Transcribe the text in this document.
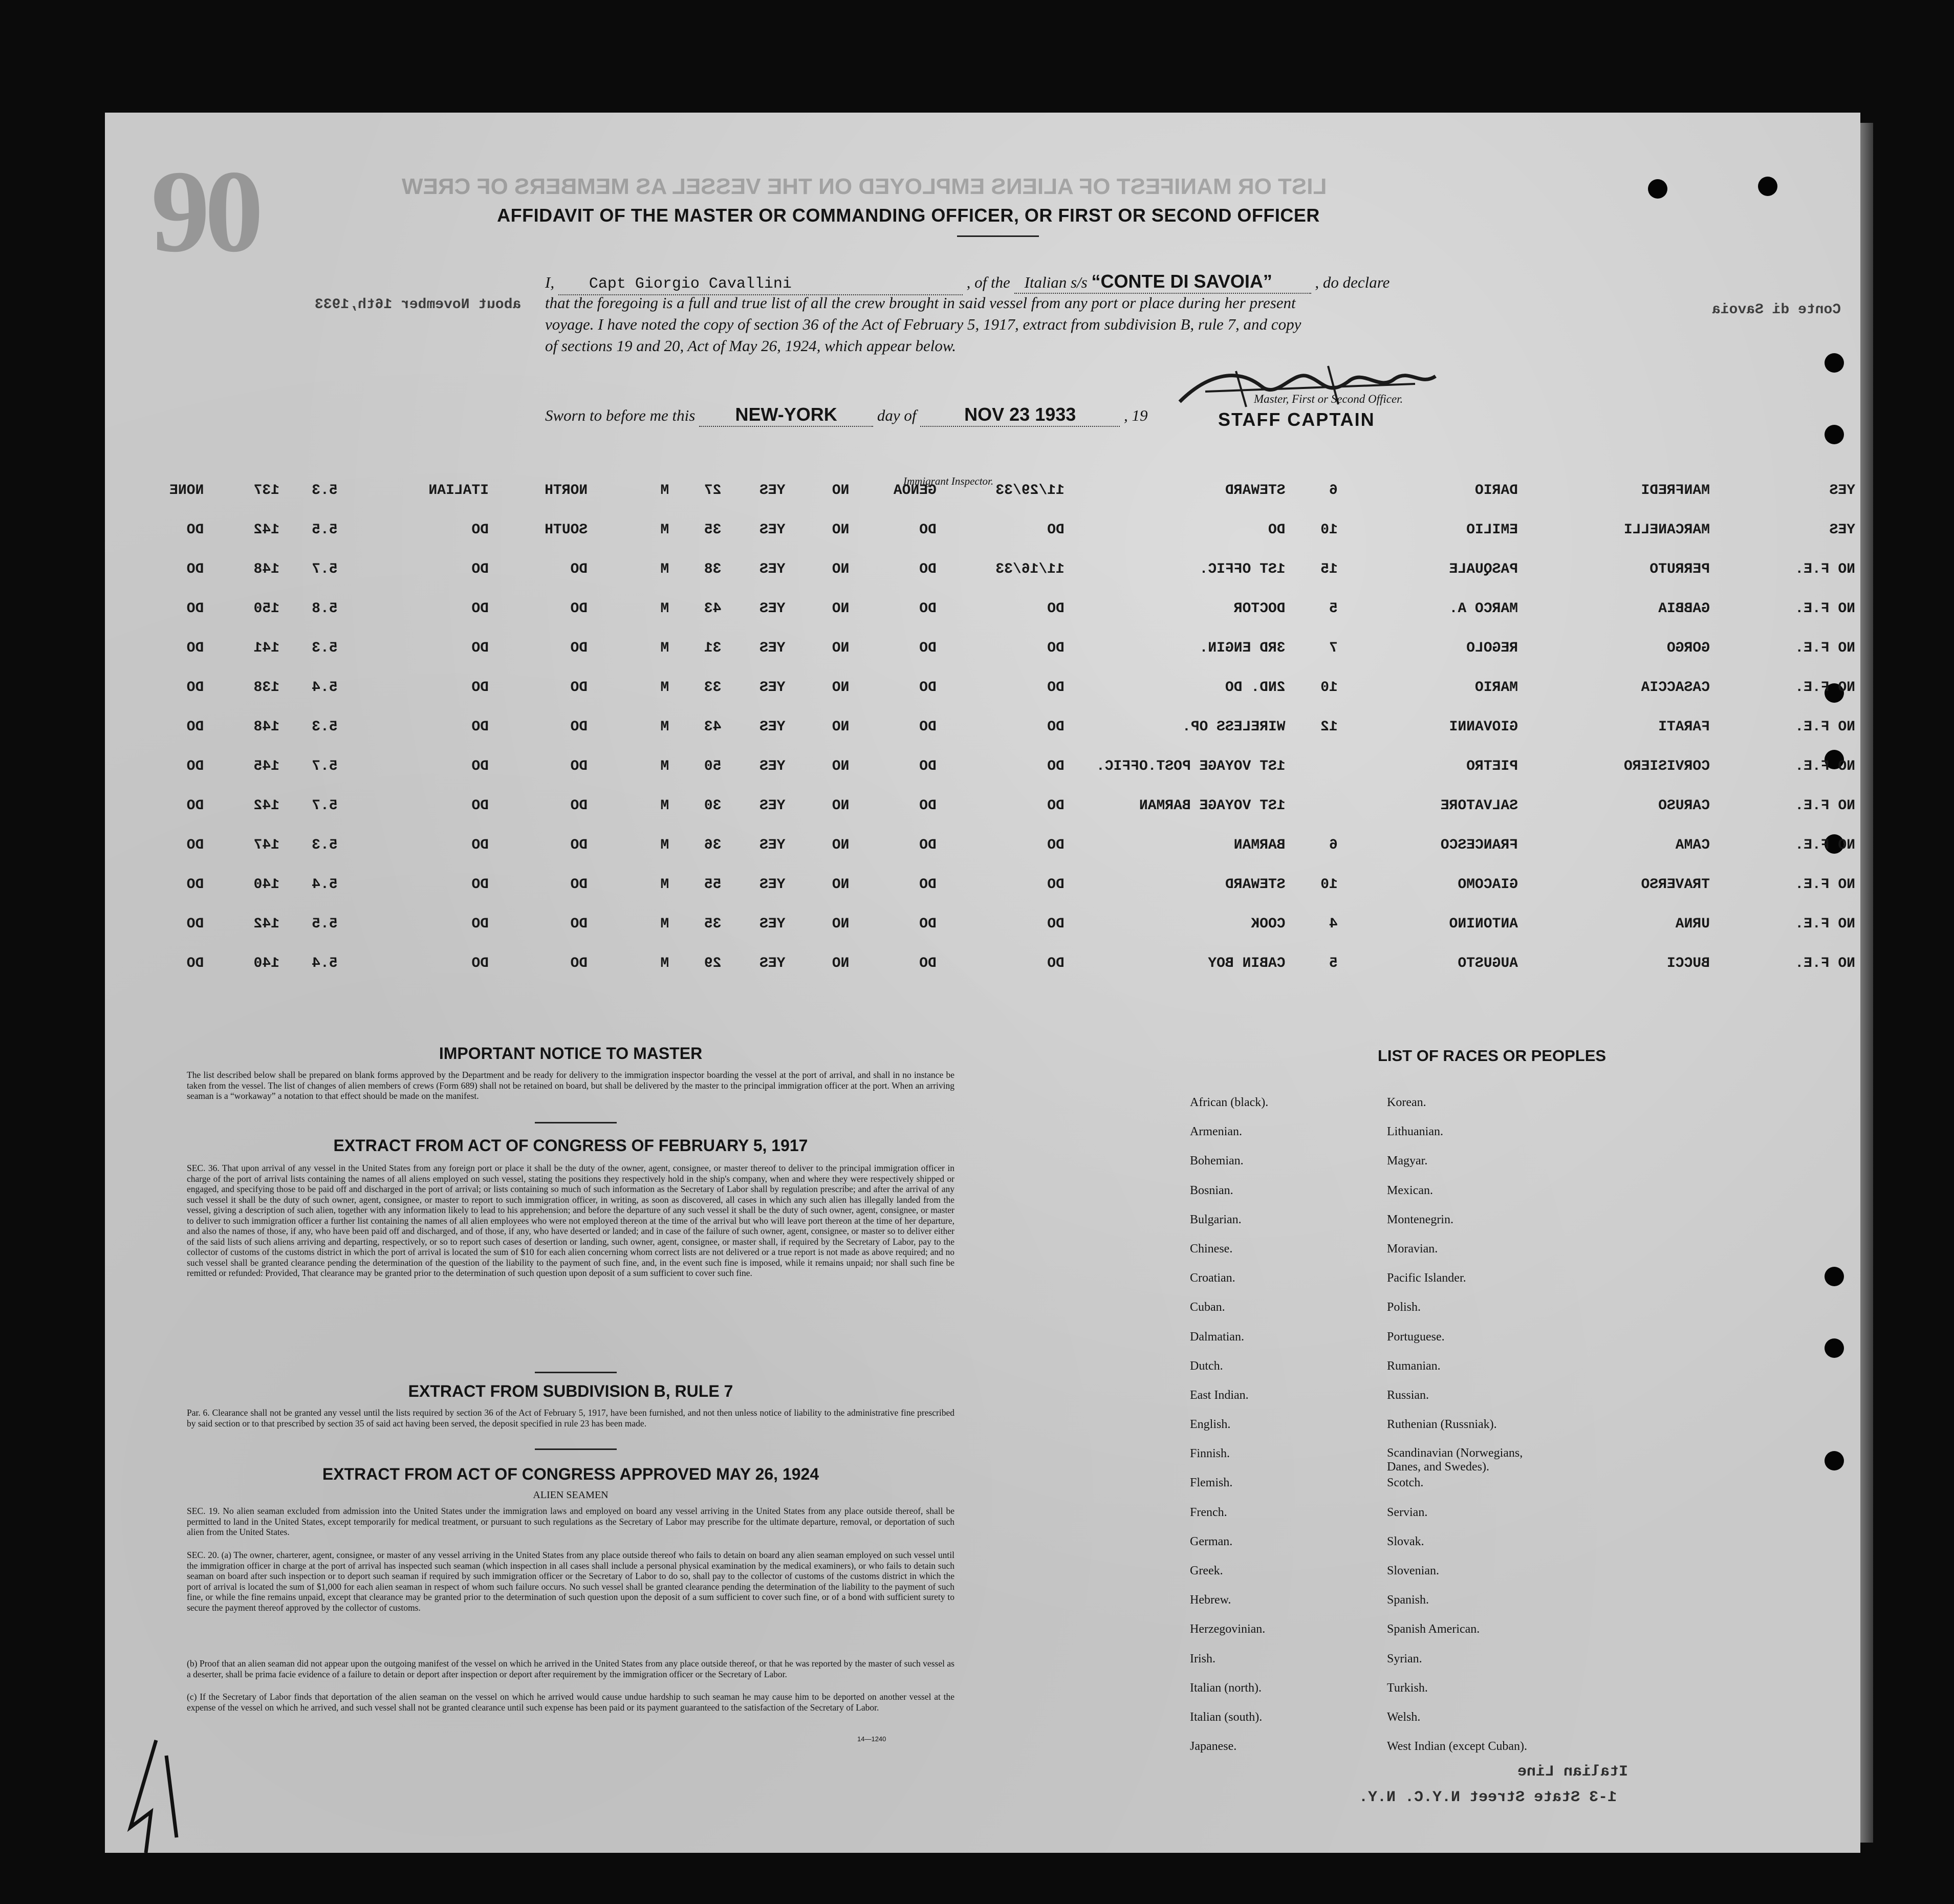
LIST OR MANIFEST OF ALIENS EMPLOYED ON THE VESSEL AS MEMBERS OF CREW
Conte di Savoia
about November 16th,1933
90	AFFIDAVIT OF THE MASTER OR COMMANDING OFFICER, OR FIRST OR SECOND OFFICER
I, Capt Giorgio Cavallini	, of the Italian s/s “CONTE DI SAVOIA”	, do declare
that the foregoing is a full and true list of all the crew brought in said vessel from any port or place during her present
voyage. I have noted the copy of section 36 of the Act of February 5, 1917, extract from subdivision B, rule 7, and copy
of sections 19 and 20, Act of May 26, 1924, which appear below.
Sworn to before me this NEW-YORK	day of	NOV 23 1933	, 19
Master, First or Second Officer.
STAFF CAPTAIN
Immigrant Inspector.
YES	MANFREDI	DARIO	6	STEWARD	11/29/33	GENOA	NO	YES	27	M	NORTH	ITALIAN	5.3	137	NONE
YES	MARCANELLI	EMILIO	10	DO	DO	DO	NO	YES	35	M	SOUTH	DO	5.5	142	DO
NO F.E.	PERRUTO	PASQUALE	15	1ST OFFIC.	11/16/33	DO	NO	YES	38	M	DO	DO	5.7	148	DO
NO F.E.	GABBIA	MARCO A.	5	DOCTOR	DO	DO	NO	YES	43	M	DO	DO	5.8	150	DO
NO F.E.	GORGO	REGOLO	7	3RD ENGIN.	DO	DO	NO	YES	31	M	DO	DO	5.3	141	DO
NO F.E.	CASACCIA	MARIO	10	2ND. DO	DO	DO	NO	YES	33	M	DO	DO	5.4	138	DO
NO F.E.	FARATI	GIOVANNI	12	WIRELESS OP.	DO	DO	NO	YES	43	M	DO	DO	5.3	148	DO
NO F.E.	CORVISIERO	PIETRO		1ST VOYAGE POST.OFFIC.	DO	DO	NO	YES	50	M	DO	DO	5.7	145	DO
NO F.E.	CARUSO	SALVATORE		1ST VOYAGE BARMAN	DO	DO	NO	YES	30	M	DO	DO	5.7	142	DO
NO F.E.	CAMA	FRANCESCO	6	BARMAN	DO	DO	NO	YES	36	M	DO	DO	5.3	147	DO
NO F.E.	TRAVERSO	GIACOMO	10	STEWARD	DO	DO	NO	YES	55	M	DO	DO	5.4	140	DO
NO F.E.	URNA	ANTONINO	4	COOK	DO	DO	NO	YES	35	M	DO	DO	5.5	142	DO
NO F.E.	BUCCI	AUGUSTO	5	CABIN BOY	DO	DO	NO	YES	29	M	DO	DO	5.4	140	DO
IMPORTANT NOTICE TO MASTER
The list described below shall be prepared on blank forms approved by the Department and be ready for delivery to the immigration inspector boarding the vessel at the port of arrival, and shall in no instance be taken from the vessel. The list of changes of alien members of crews (Form 689) shall not be retained on board, but shall be delivered by the master to the principal immigration officer at the port. When an arriving seaman is a “workaway” a notation to that effect should be made on the manifest.
EXTRACT FROM ACT OF CONGRESS OF FEBRUARY 5, 1917
SEC. 36. That upon arrival of any vessel in the United States from any foreign port or place it shall be the duty of the owner, agent, consignee, or master thereof to deliver to the principal immigration officer in charge of the port of arrival lists containing the names of all aliens employed on such vessel, stating the positions they respectively hold in the ship's company, when and where they were respectively shipped or engaged, and specifying those to be paid off and discharged in the port of arrival; or lists containing so much of such information as the Secretary of Labor shall by regulation prescribe; and after the arrival of any such vessel it shall be the duty of such owner, agent, consignee, or master to report to such immigration officer, in writing, as soon as discovered, all cases in which any such alien has illegally landed from the vessel, giving a description of such alien, together with any information likely to lead to his apprehension; and before the departure of any such vessel it shall be the duty of such owner, agent, consignee, or master to deliver to such immigration officer a further list containing the names of all alien employees who were not employed thereon at the time of the arrival but who will leave port thereon at the time of her departure, and also the names of those, if any, who have been paid off and discharged, and of those, if any, who have deserted or landed; and in case of the failure of such owner, agent, consignee, or master so to deliver either of the said lists of such aliens arriving and departing, respectively, or so to report such cases of desertion or landing, such owner, agent, consignee, or master shall, if required by the Secretary of Labor, pay to the collector of customs of the customs district in which the port of arrival is located the sum of $10 for each alien concerning whom correct lists are not delivered or a true report is not made as above required; and no such vessel shall be granted clearance pending the determination of the question of the liability to the payment of such fine, and, in the event such fine is imposed, while it remains unpaid; nor shall such fine be remitted or refunded: Provided, That clearance may be granted prior to the determination of such question upon deposit of a sum sufficient to cover such fine.
EXTRACT FROM SUBDIVISION B, RULE 7
Par. 6. Clearance shall not be granted any vessel until the lists required by section 36 of the Act of February 5, 1917, have been furnished, and not then unless notice of liability to the administrative fine prescribed by said section or to that prescribed by section 35 of said act having been served, the deposit specified in rule 23 has been made.
EXTRACT FROM ACT OF CONGRESS APPROVED MAY 26, 1924
ALIEN SEAMEN
SEC. 19. No alien seaman excluded from admission into the United States under the immigration laws and employed on board any vessel arriving in the United States from any place outside thereof, shall be permitted to land in the United States, except temporarily for medical treatment, or pursuant to such regulations as the Secretary of Labor may prescribe for the ultimate departure, removal, or deportation of such alien from the United States.
SEC. 20. (a) The owner, charterer, agent, consignee, or master of any vessel arriving in the United States from any place outside thereof who fails to detain on board any alien seaman employed on such vessel until the immigration officer in charge at the port of arrival has inspected such seaman (which inspection in all cases shall include a personal physical examination by the medical examiners), or who fails to detain such seaman on board after such inspection or to deport such seaman if required by such immigration officer or the Secretary of Labor to do so, shall pay to the collector of customs of the customs district in which the port of arrival is located the sum of $1,000 for each alien seaman in respect of whom such failure occurs. No such vessel shall be granted clearance pending the determination of the liability to the payment of such fine, or while the fine remains unpaid, except that clearance may be granted prior to the determination of such question upon the deposit of a sum sufficient to cover such fine, or of a bond with sufficient surety to secure the payment thereof approved by the collector of customs.
(b) Proof that an alien seaman did not appear upon the outgoing manifest of the vessel on which he arrived in the United States from any place outside thereof, or that he was reported by the master of such vessel as a deserter, shall be prima facie evidence of a failure to detain or deport after inspection or deport after requirement by the immigration officer or the Secretary of Labor.
(c) If the Secretary of Labor finds that deportation of the alien seaman on the vessel on which he arrived would cause undue hardship to such seaman he may cause him to be deported on another vessel at the expense of the vessel on which he arrived, and such vessel shall not be granted clearance until such expense has been paid or its payment guaranteed to the satisfaction of the Secretary of Labor.
14—1240
LIST OF RACES OR PEOPLES
African (black).
Armenian.
Bohemian.
Bosnian.
Bulgarian.
Chinese.
Croatian.
Cuban.
Dalmatian.
Dutch.
East Indian.
English.
Finnish.
Flemish.
French.
German.
Greek.
Hebrew.
Herzegovinian.
Irish.
Italian (north).
Italian (south).
Japanese.
Korean.
Lithuanian.
Magyar.
Mexican.
Montenegrin.
Moravian.
Pacific Islander.
Polish.
Portuguese.
Rumanian.
Russian.
Ruthenian (Russniak).
Scandinavian (Norwegians, Danes, and Swedes).
Scotch.
Servian.
Slovak.
Slovenian.
Spanish.
Spanish American.
Syrian.
Turkish.
Welsh.
West Indian (except Cuban).
Italian Line
1-3 State Street N.Y.C. N.Y.
